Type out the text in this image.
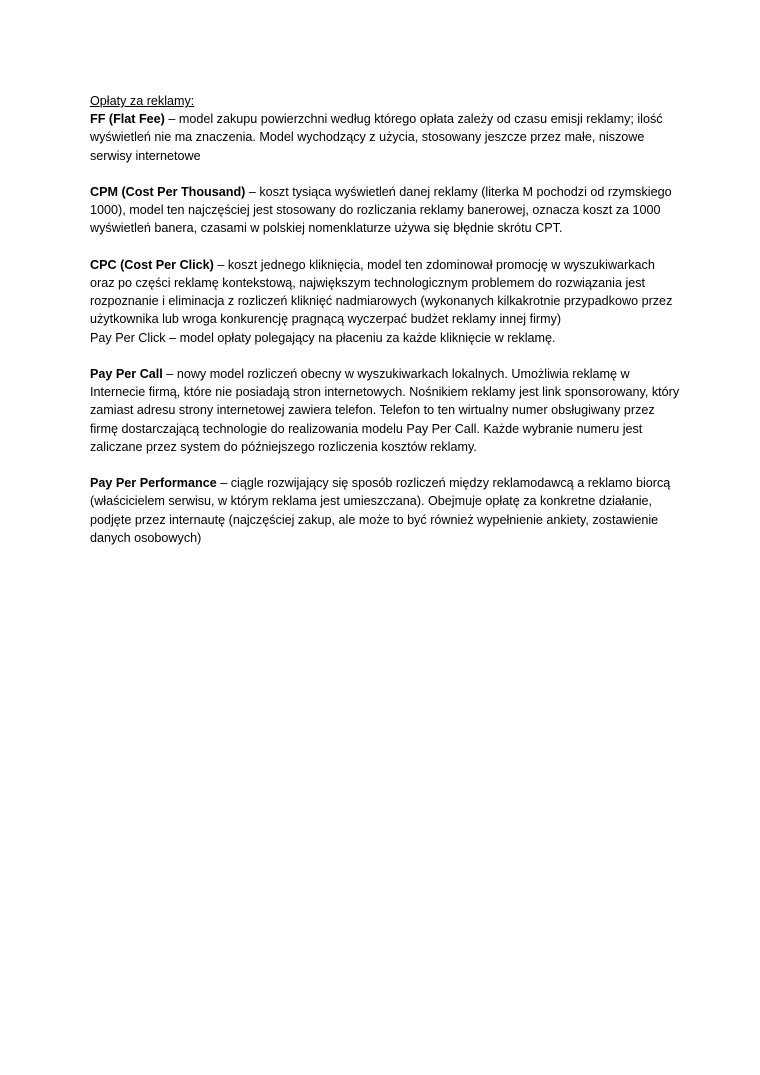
Opłaty za reklamy:
FF (Flat Fee) – model zakupu powierzchni według którego opłata zależy od czasu emisji reklamy; ilość wyświetleń nie ma znaczenia. Model wychodzący z użycia, stosowany jeszcze przez małe, niszowe serwisy internetowe
CPM (Cost Per Thousand) – koszt tysiąca wyświetleń danej reklamy (literka M pochodzi od rzymskiego 1000), model ten najczęściej jest stosowany do rozliczania reklamy banerowej, oznacza koszt za 1000 wyświetleń banera, czasami w polskiej nomenklaturze używa się błędnie skrótu CPT.
CPC (Cost Per Click) – koszt jednego kliknięcia, model ten zdominował promocję w wyszukiwarkach oraz po części reklamę kontekstową, największym technologicznym problemem do rozwiązania jest rozpoznanie i eliminacja z rozliczeń kliknięć nadmiarowych (wykonanych kilkakrotnie przypadkowo przez użytkownika lub wroga konkurencję pragnącą wyczerpać budżet reklamy innej firmy)
Pay Per Click – model opłaty polegający na płaceniu za każde kliknięcie w reklamę.
Pay Per Call – nowy model rozliczeń obecny w wyszukiwarkach lokalnych. Umożliwia reklamę w Internecie firmą, które nie posiadają stron internetowych. Nośnikiem reklamy jest link sponsorowany, który zamiast adresu strony internetowej zawiera telefon. Telefon to ten wirtualny numer obsługiwany przez firmę dostarczającą technologie do realizowania modelu Pay Per Call. Każde wybranie numeru jest zaliczane przez system do późniejszego rozliczenia kosztów reklamy.
Pay Per Performance – ciągle rozwijający się sposób rozliczeń między reklamodawcą a reklamo biorcą (właścicielem serwisu, w którym reklama jest umieszczana). Obejmuje opłatę za konkretne działanie, podjęte przez internautę (najczęściej zakup, ale może to być również wypełnienie ankiety, zostawienie danych osobowych)
